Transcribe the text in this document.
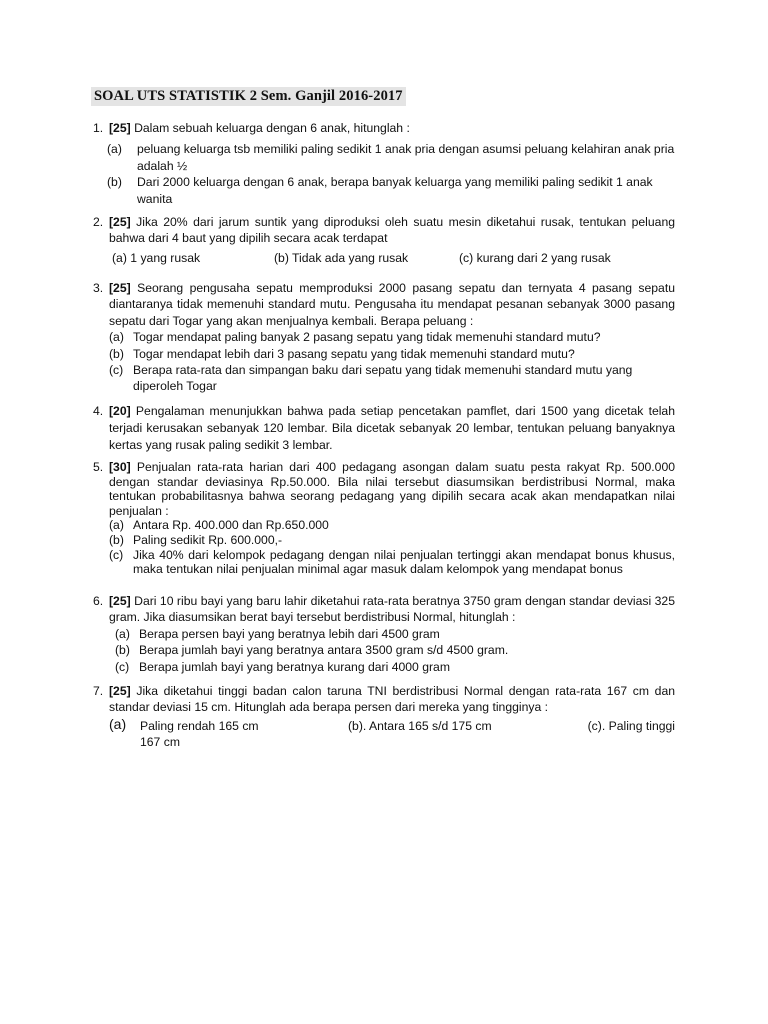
SOAL UTS STATISTIK 2 Sem. Ganjil 2016-2017
1. [25] Dalam sebuah keluarga dengan 6 anak, hitunglah :
(a) peluang keluarga tsb memiliki paling sedikit 1 anak pria dengan asumsi peluang kelahiran anak pria adalah ½
(b) Dari 2000 keluarga dengan 6 anak, berapa banyak keluarga yang memiliki paling sedikit 1 anak wanita
2. [25] Jika 20% dari jarum suntik yang diproduksi oleh suatu mesin diketahui rusak, tentukan peluang bahwa dari 4 baut yang dipilih secara acak terdapat
(a) 1 yang rusak	(b) Tidak ada yang rusak	(c) kurang dari 2 yang rusak
3. [25] Seorang pengusaha sepatu memproduksi 2000 pasang sepatu dan ternyata 4 pasang sepatu diantaranya tidak memenuhi standard mutu. Pengusaha itu mendapat pesanan sebanyak 3000 pasang sepatu dari Togar yang akan menjualnya kembali. Berapa peluang :
(a) Togar mendapat paling banyak 2 pasang sepatu yang tidak memenuhi standard mutu?
(b) Togar mendapat lebih dari 3 pasang sepatu yang tidak memenuhi standard mutu?
(c) Berapa rata-rata dan simpangan baku dari sepatu yang tidak memenuhi standard mutu yang diperoleh Togar
4. [20] Pengalaman menunjukkan bahwa pada setiap pencetakan pamflet, dari 1500 yang dicetak telah terjadi kerusakan sebanyak 120 lembar. Bila dicetak sebanyak 20 lembar, tentukan peluang banyaknya kertas yang rusak paling sedikit 3 lembar.
5. [30] Penjualan rata-rata harian dari 400 pedagang asongan dalam suatu pesta rakyat Rp. 500.000 dengan standar deviasinya Rp.50.000. Bila nilai tersebut diasumsikan berdistribusi Normal, maka tentukan probabilitasnya bahwa seorang pedagang yang dipilih secara acak akan mendapatkan nilai penjualan :
(a) Antara Rp. 400.000 dan Rp.650.000
(b) Paling sedikit Rp. 600.000,-
(c) Jika 40% dari kelompok pedagang dengan nilai penjualan tertinggi akan mendapat bonus khusus, maka tentukan nilai penjualan minimal agar masuk dalam kelompok yang mendapat bonus
6. [25] Dari 10 ribu bayi yang baru lahir diketahui rata-rata beratnya 3750 gram dengan standar deviasi 325 gram. Jika diasumsikan berat bayi tersebut berdistribusi Normal, hitunglah :
(a) Berapa persen bayi yang beratnya lebih dari 4500 gram
(b) Berapa jumlah bayi yang beratnya antara 3500 gram s/d 4500 gram.
(c) Berapa jumlah bayi yang beratnya kurang dari 4000 gram
7. [25] Jika diketahui tinggi badan calon taruna TNI berdistribusi Normal dengan rata-rata 167 cm dan standar deviasi 15 cm. Hitunglah ada berapa persen dari mereka yang tingginya :
(a) Paling rendah 165 cm	(b). Antara 165 s/d 175 cm	(c). Paling tinggi
167 cm
